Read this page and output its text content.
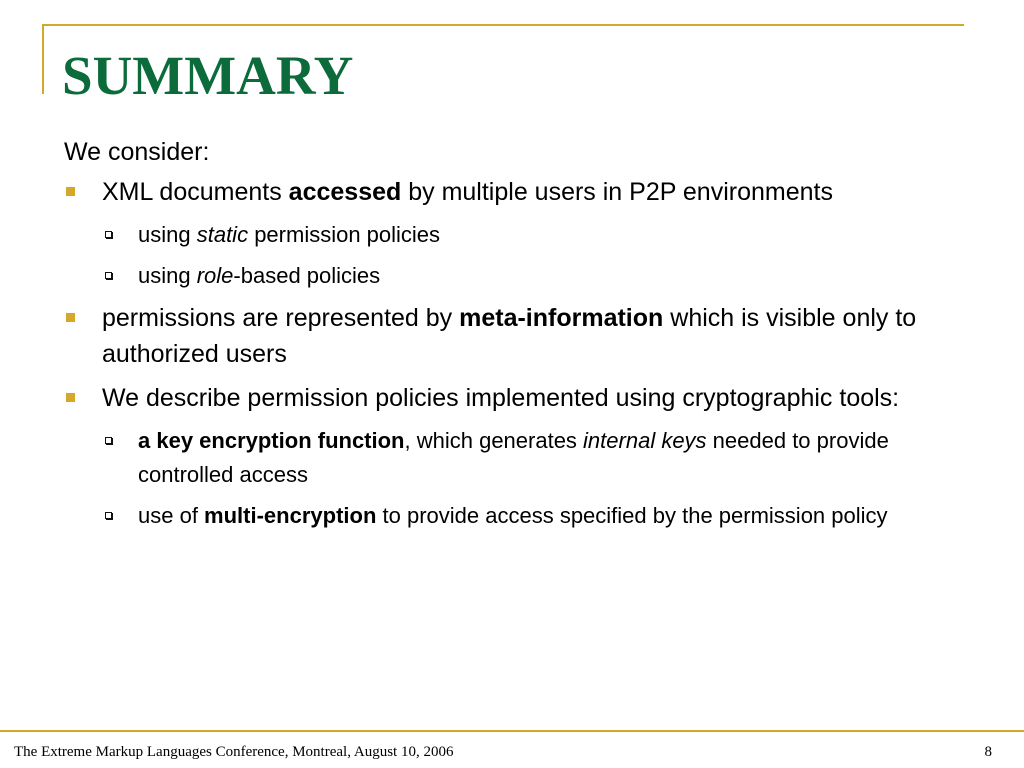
SUMMARY

We consider:

XML documents accessed by multiple users in P2P environments
using static permission policies
using role-based policies
permissions are represented by meta-information which is visible only to authorized users
We describe permission policies implemented using cryptographic tools:
a key encryption function, which generates internal keys needed to provide controlled access
use of multi-encryption to provide access specified by the permission policy
The Extreme Markup Languages Conference, Montreal, August 10, 2006	8
